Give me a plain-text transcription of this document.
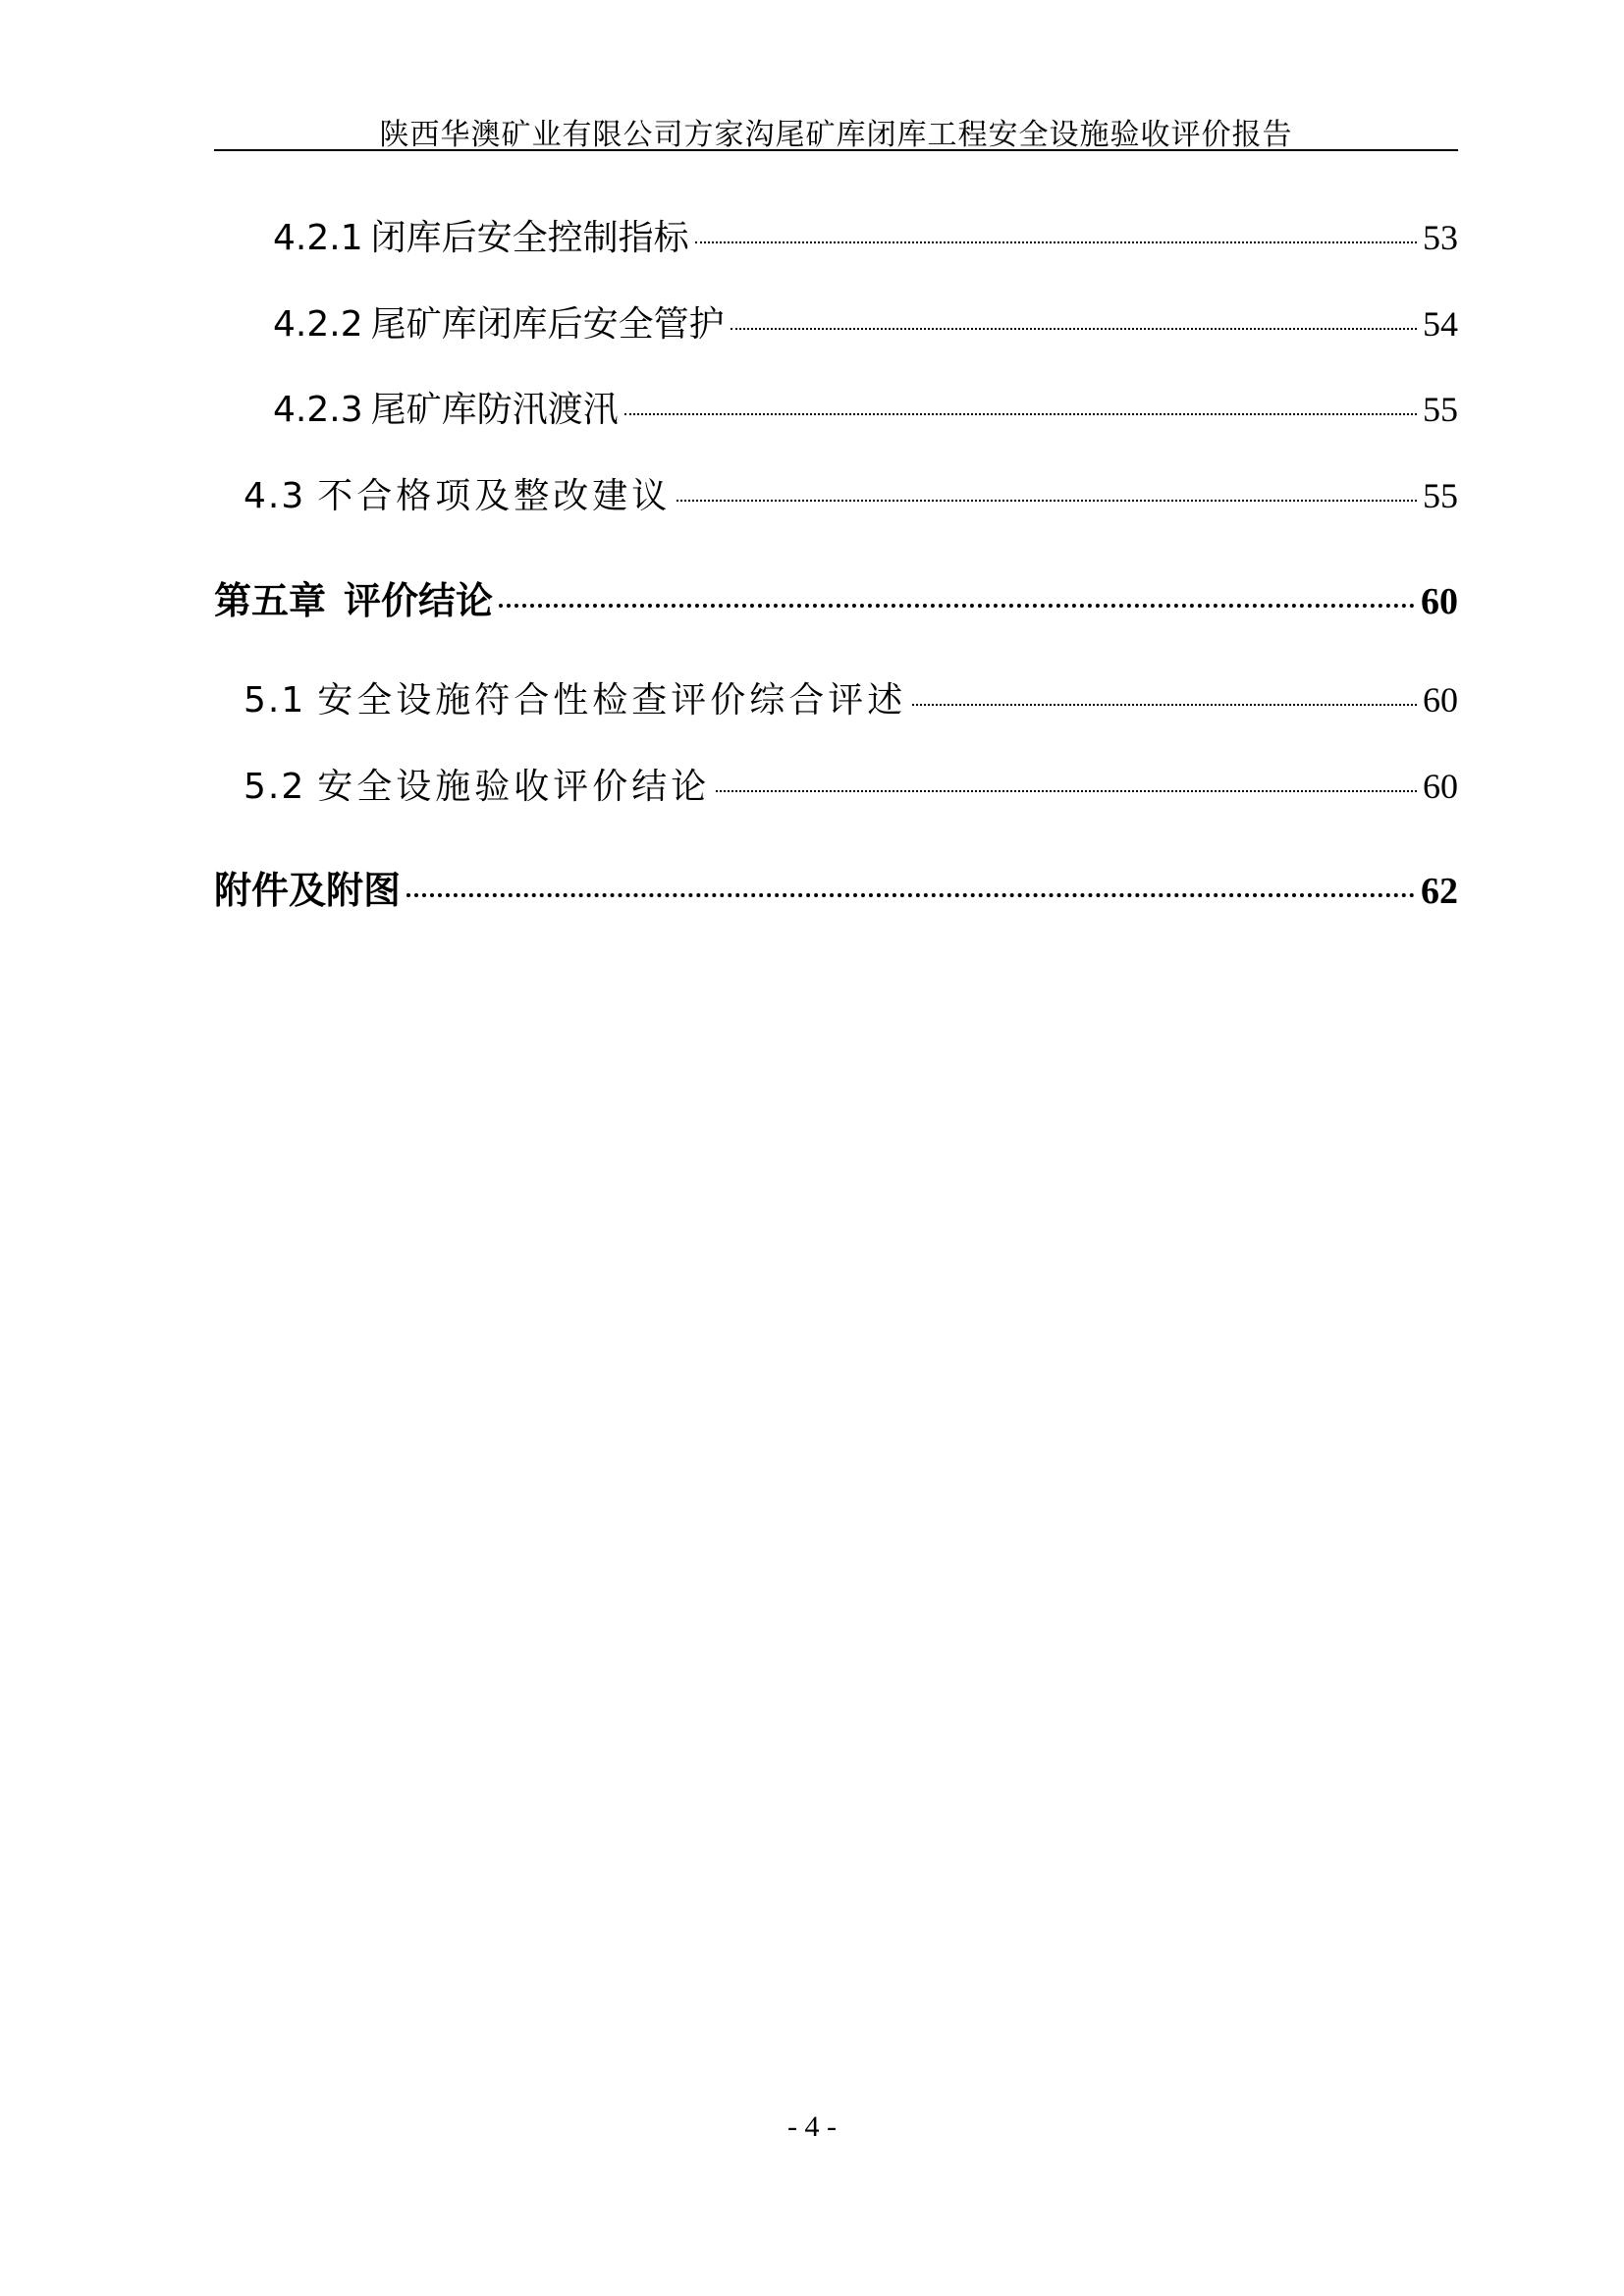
陕西华澳矿业有限公司方家沟尾矿库闭库工程安全设施验收评价报告
4.2.1 闭库后安全控制指标	53
4.2.2 尾矿库闭库后安全管护	54
4.2.3 尾矿库防汛渡汛	55
4.3 不合格项及整改建议	55
第五章 评价结论	60
5.1 安全设施符合性检查评价综合评述	60
5.2 安全设施验收评价结论	60
附件及附图	62
- 4 -
